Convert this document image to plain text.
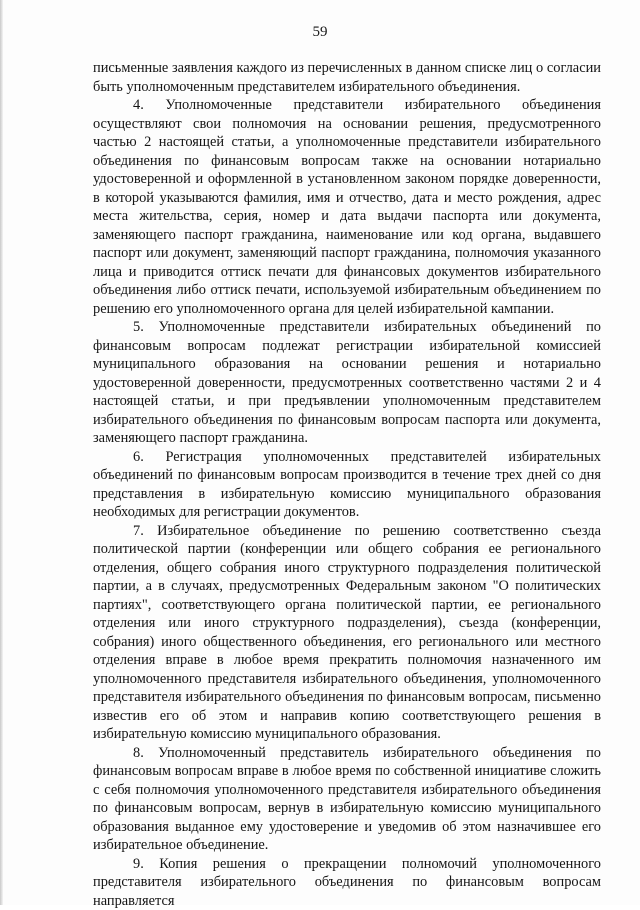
59

письменные заявления каждого из перечисленных в данном списке лиц о согласии быть уполномоченным представителем избирательного объединения.

4. Уполномоченные представители избирательного объединения осуществляют свои полномочия на основании решения, предусмотренного частью 2 настоящей статьи, а уполномоченные представители избирательного объединения по финансовым вопросам также на основании нотариально удостоверенной и оформленной в установленном законом порядке доверенности, в которой указываются фамилия, имя и отчество, дата и место рождения, адрес места жительства, серия, номер и дата выдачи паспорта или документа, заменяющего паспорт гражданина, наименование или код органа, выдавшего паспорт или документ, заменяющий паспорт гражданина, полномочия указанного лица и приводится оттиск печати для финансовых документов избирательного объединения либо оттиск печати, используемой избирательным объединением по решению его уполномоченного органа для целей избирательной кампании.

5. Уполномоченные представители избирательных объединений по финансовым вопросам подлежат регистрации избирательной комиссией муниципального образования на основании решения и нотариально удостоверенной доверенности, предусмотренных соответственно частями 2 и 4 настоящей статьи, и при предъявлении уполномоченным представителем избирательного объединения по финансовым вопросам паспорта или документа, заменяющего паспорт гражданина.

6. Регистрация уполномоченных представителей избирательных объединений по финансовым вопросам производится в течение трех дней со дня представления в избирательную комиссию муниципального образования необходимых для регистрации документов.

7. Избирательное объединение по решению соответственно съезда политической партии (конференции или общего собрания ее регионального отделения, общего собрания иного структурного подразделения политической партии, а в случаях, предусмотренных Федеральным законом "О политических партиях", соответствующего органа политической партии, ее регионального отделения или иного структурного подразделения), съезда (конференции, собрания) иного общественного объединения, его регионального или местного отделения вправе в любое время прекратить полномочия назначенного им уполномоченного представителя избирательного объединения, уполномоченного представителя избирательного объединения по финансовым вопросам, письменно известив его об этом и направив копию соответствующего решения в избирательную комиссию муниципального образования.

8. Уполномоченный представитель избирательного объединения по финансовым вопросам вправе в любое время по собственной инициативе сложить с себя полномочия уполномоченного представителя избирательного объединения по финансовым вопросам, вернув в избирательную комиссию муниципального образования выданное ему удостоверение и уведомив об этом назначившее его избирательное объединение.

9. Копия решения о прекращении полномочий уполномоченного представителя избирательного объединения по финансовым вопросам направляется
